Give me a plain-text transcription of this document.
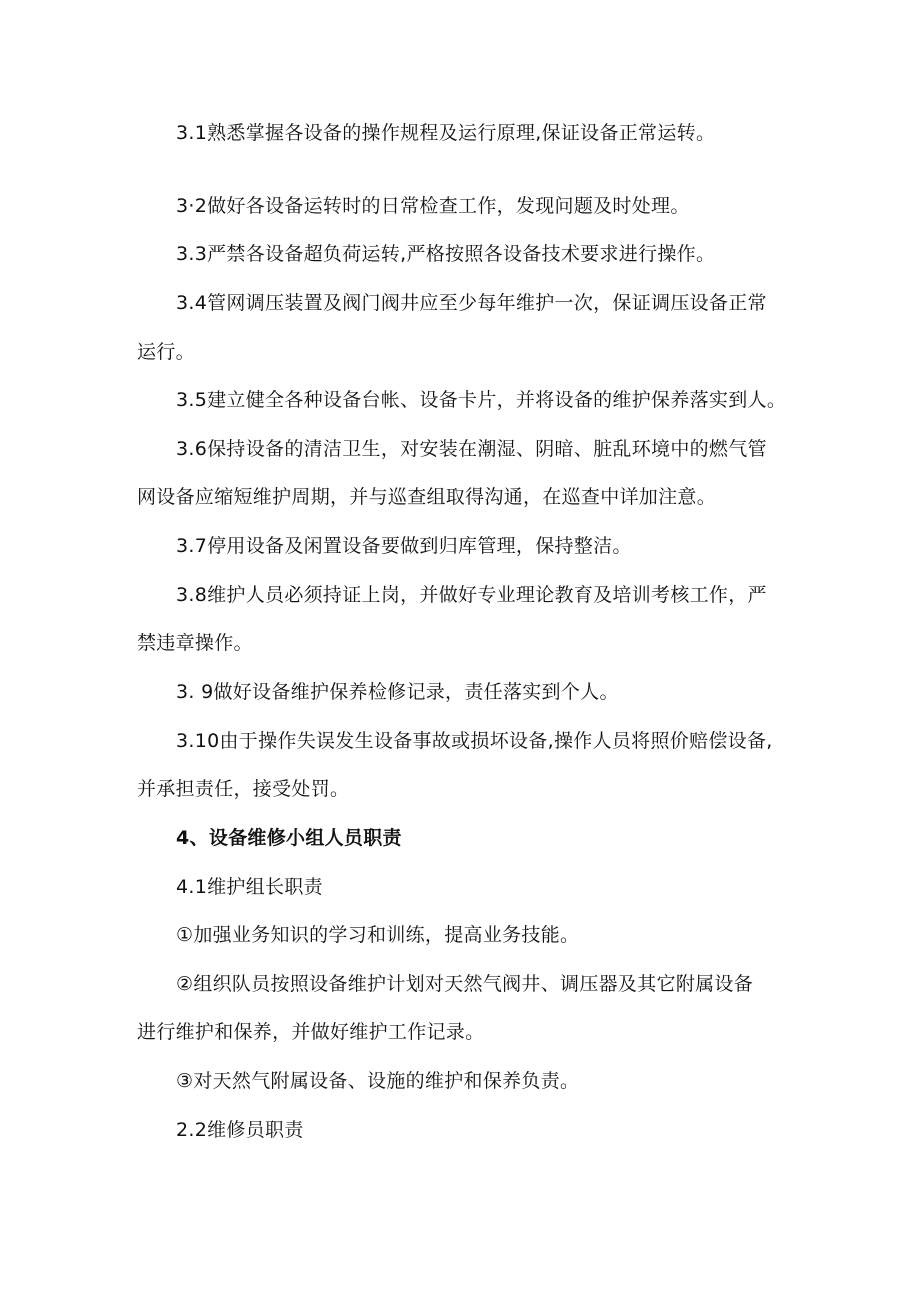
3.1熟悉掌握各设备的操作规程及运行原理,保证设备正常运转。
3·2做好各设备运转时的日常检查工作，发现问题及时处理。
3.3严禁各设备超负荷运转,严格按照各设备技术要求进行操作。
3.4管网调压装置及阀门阀井应至少每年维护一次，保证调压设备正常
运行。
3.5建立健全各种设备台帐、设备卡片，并将设备的维护保养落实到人。
3.6保持设备的清洁卫生，对安装在潮湿、阴暗、脏乱环境中的燃气管
网设备应缩短维护周期，并与巡查组取得沟通，在巡查中详加注意。
3.7停用设备及闲置设备要做到归库管理，保持整洁。
3.8维护人员必须持证上岗，并做好专业理论教育及培训考核工作，严
禁违章操作。
3. 9做好设备维护保养检修记录，责任落实到个人。
3.10由于操作失误发生设备事故或损坏设备,操作人员将照价赔偿设备,
并承担责任，接受处罚。
4、设备维修小组人员职责
4.1维护组长职责
①加强业务知识的学习和训练，提高业务技能。
②组织队员按照设备维护计划对天然气阀井、调压器及其它附属设备
进行维护和保养，并做好维护工作记录。
③对天然气附属设备、设施的维护和保养负责。
2.2维修员职责
